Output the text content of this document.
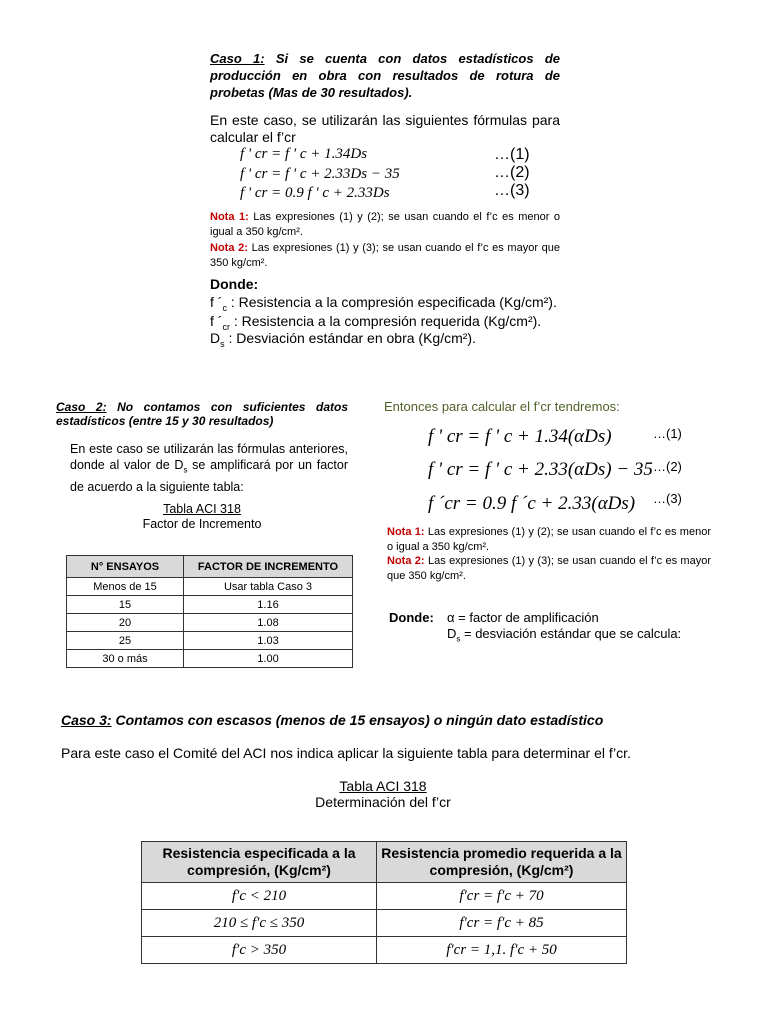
Caso 1: Si se cuenta con datos estadísticos de producción en obra con resultados de rotura de probetas (Mas de 30 resultados).
En este caso, se utilizarán las siguientes fórmulas para calcular el f’cr
f ' cr = f ' c + 1.34Ds
f ' cr = f ' c + 2.33Ds − 35
f ' cr = 0.9 f ' c + 2.33Ds
…(1)
…(2)
…(3)
Nota 1: Las expresiones (1) y (2); se usan cuando el f’c es menor o igual a 350 kg/cm².
Nota 2: Las expresiones (1) y (3); se usan cuando el f’c es mayor que 350 kg/cm².
Donde:
f $´_c$ : Resistencia a la compresión especificada (Kg/cm²).
f $´_{cr}$ : Resistencia a la compresión requerida (Kg/cm²).
$D_s$ : Desviación estándar en obra (Kg/cm²).
Caso 2: No contamos con suficientes datos estadísticos (entre 15 y 30 resultados)
En este caso se utilizarán las fórmulas anteriores, donde al valor de $D_s$ se amplificará por un factor de acuerdo a la siguiente tabla:
Tabla ACI 318
Factor de Incremento
N° ENSAYOS	FACTOR DE INCREMENTO
Menos de 15	Usar tabla Caso 3
15	1.16
20	1.08
25	1.03
30 o más	1.00
Entonces para calcular el f’cr tendremos:
f ' cr = f ' c + 1.34(αDs)
f ' cr = f ' c + 2.33(αDs) − 35
f ´cr = 0.9 f ´c + 2.33(αDs)
…(1)
…(2)
…(3)
Nota 1: Las expresiones (1) y (2); se usan cuando el f’c es menor o igual a 350 kg/cm².
Nota 2: Las expresiones (1) y (3); se usan cuando el f’c es mayor que 350 kg/cm².
Donde: α = factor de amplificación
$D_s$ = desviación estándar que se calcula:
Caso 3: Contamos con escasos (menos de 15 ensayos) o ningún dato estadístico
Para este caso el Comité del ACI nos indica aplicar la siguiente tabla para determinar el f’cr.
Tabla ACI 318
Determinación del f’cr
Resistencia especificada a la compresión, (Kg/cm²)	Resistencia promedio requerida a la compresión, (Kg/cm²)
f′c < 210	f′cr = f′c + 70
210 ≤ f′c ≤ 350	f′cr = f′c + 85
f′c > 350	f′cr = 1,1. f′c + 50
